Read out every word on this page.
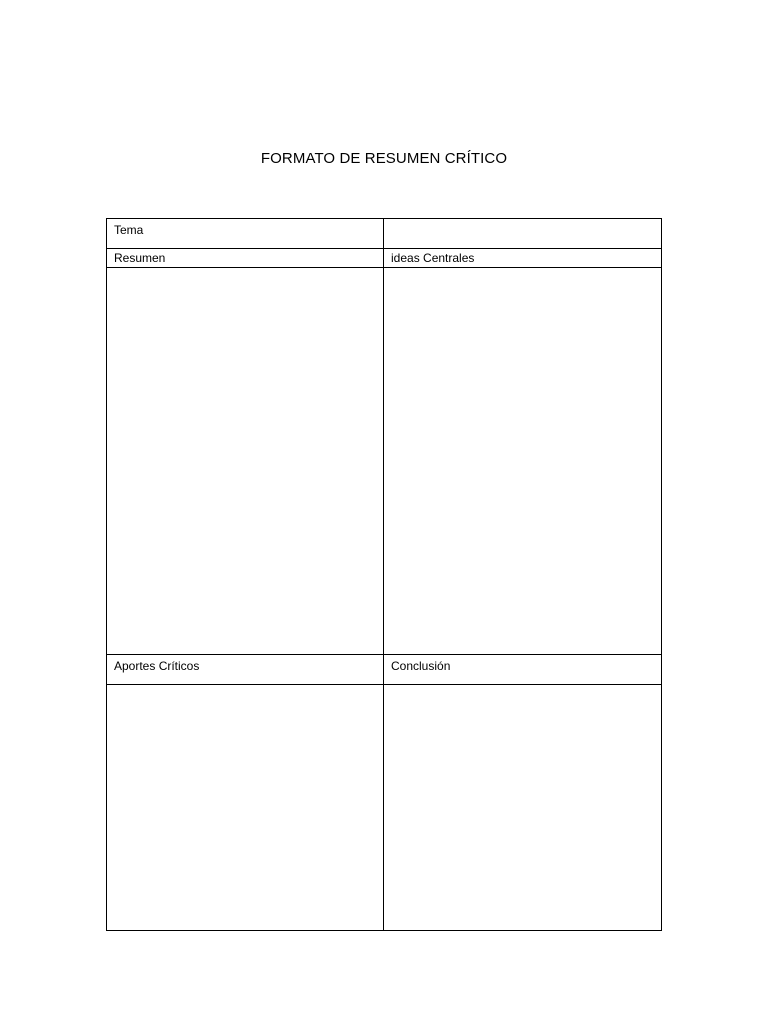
FORMATO DE RESUMEN CRÍTICO
Tema	
Resumen	ideas Centrales

Aportes Críticos	Conclusión
